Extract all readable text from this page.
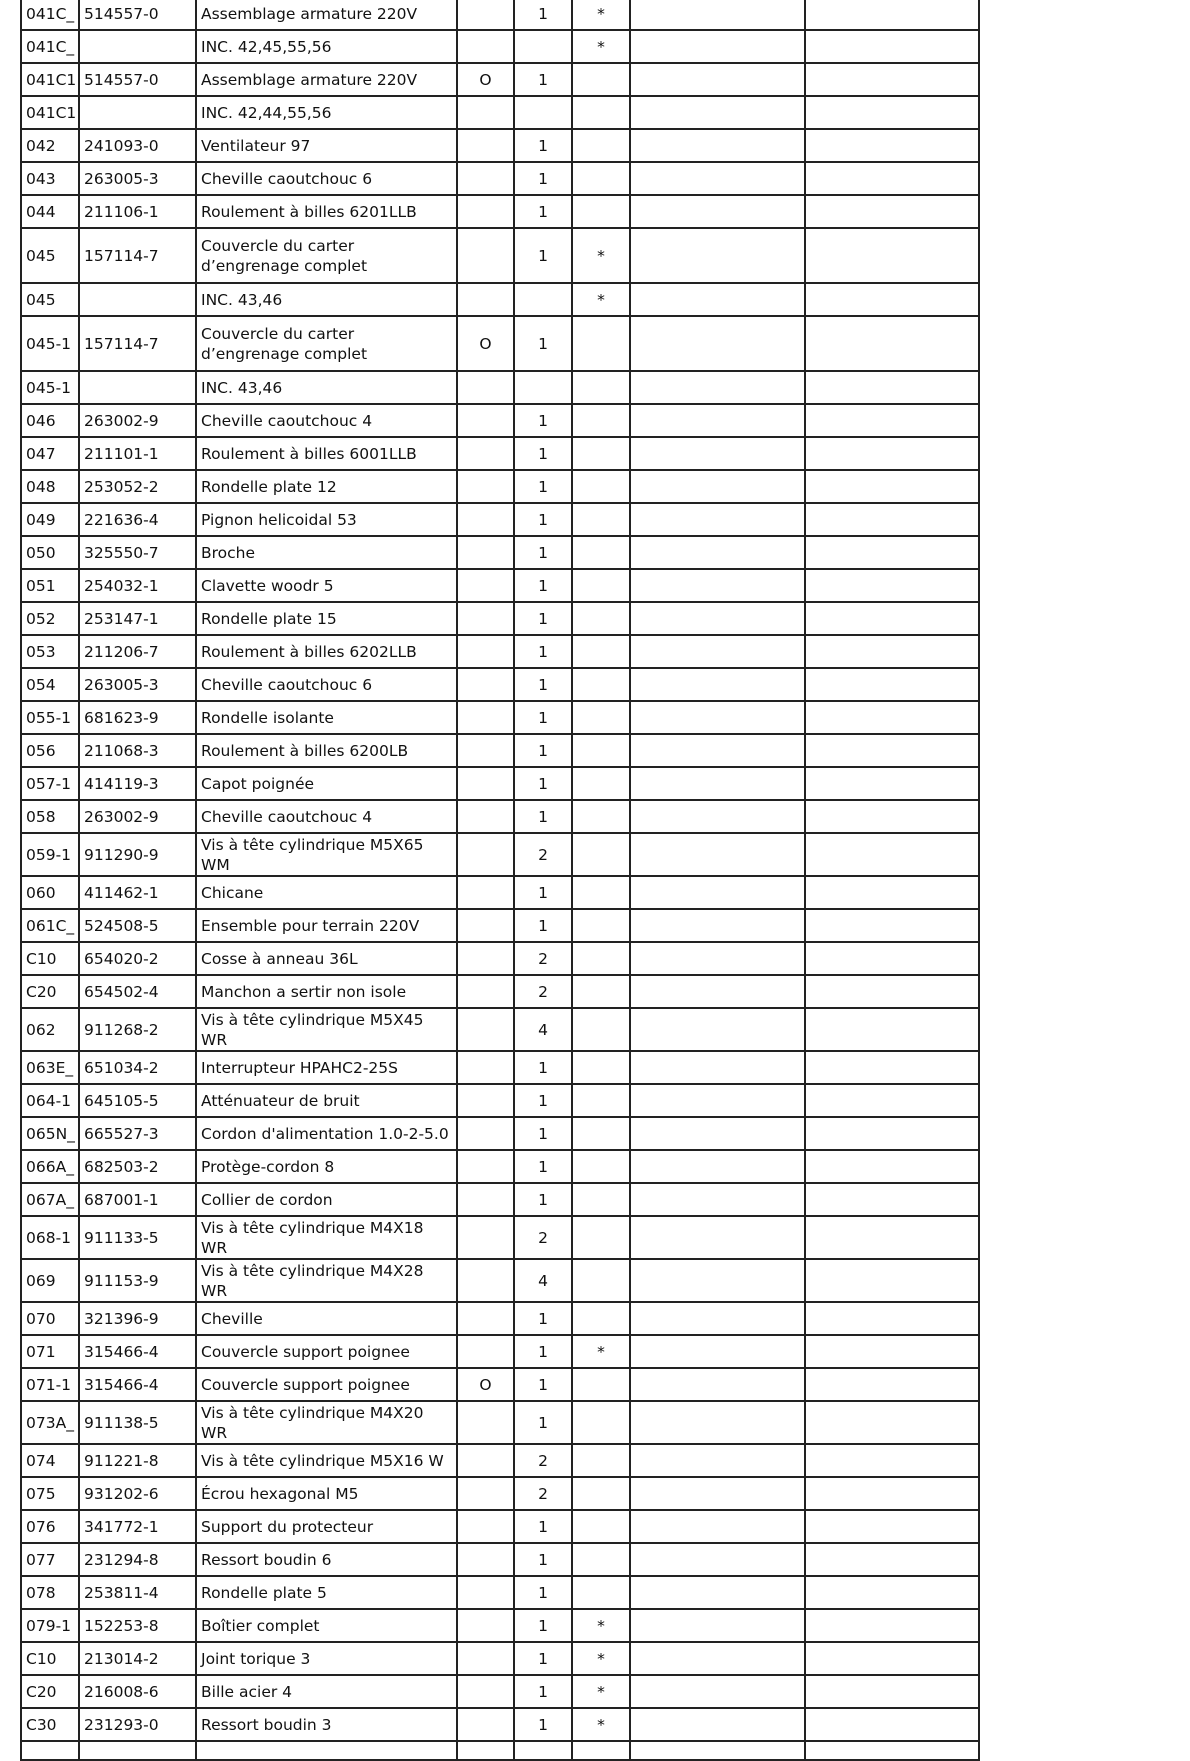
041C_	514557-0	Assemblage armature 220V		1	*		
041C_		INC. 42,45,55,56			*		
041C1	514557-0	Assemblage armature 220V	O	1			
041C1		INC. 42,44,55,56					
042	241093-0	Ventilateur 97		1			
043	263005-3	Cheville caoutchouc 6		1			
044	211106-1	Roulement à billes 6201LLB		1			
045	157114-7	Couvercle du carter d’engrenage complet		1	*		
045		INC. 43,46			*		
045-1	157114-7	Couvercle du carter d’engrenage complet	O	1			
045-1		INC. 43,46					
046	263002-9	Cheville caoutchouc 4		1			
047	211101-1	Roulement à billes 6001LLB		1			
048	253052-2	Rondelle plate 12		1			
049	221636-4	Pignon helicoidal 53		1			
050	325550-7	Broche		1			
051	254032-1	Clavette woodr 5		1			
052	253147-1	Rondelle plate 15		1			
053	211206-7	Roulement à billes 6202LLB		1			
054	263005-3	Cheville caoutchouc 6		1			
055-1	681623-9	Rondelle isolante		1			
056	211068-3	Roulement à billes 6200LB		1			
057-1	414119-3	Capot poignée		1			
058	263002-9	Cheville caoutchouc 4		1			
059-1	911290-9	Vis à tête cylindrique M5X65 WM		2			
060	411462-1	Chicane		1			
061C_	524508-5	Ensemble pour terrain 220V		1			
C10	654020-2	Cosse à anneau 36L		2			
C20	654502-4	Manchon a sertir non isole		2			
062	911268-2	Vis à tête cylindrique M5X45 WR		4			
063E_	651034-2	Interrupteur HPAHC2-25S		1			
064-1	645105-5	Atténuateur de bruit		1			
065N_	665527-3	Cordon d'alimentation 1.0-2-5.0		1			
066A_	682503-2	Protège-cordon 8		1			
067A_	687001-1	Collier de cordon		1			
068-1	911133-5	Vis à tête cylindrique M4X18 WR		2			
069	911153-9	Vis à tête cylindrique M4X28 WR		4			
070	321396-9	Cheville		1			
071	315466-4	Couvercle support poignee		1	*		
071-1	315466-4	Couvercle support poignee	O	1			
073A_	911138-5	Vis à tête cylindrique M4X20 WR		1			
074	911221-8	Vis à tête cylindrique M5X16 W		2			
075	931202-6	Écrou hexagonal M5		2			
076	341772-1	Support du protecteur		1			
077	231294-8	Ressort boudin 6		1			
078	253811-4	Rondelle plate 5		1			
079-1	152253-8	Boîtier complet		1	*		
C10	213014-2	Joint torique 3		1	*		
C20	216008-6	Bille acier 4		1	*		
C30	231293-0	Ressort boudin 3		1	*		
